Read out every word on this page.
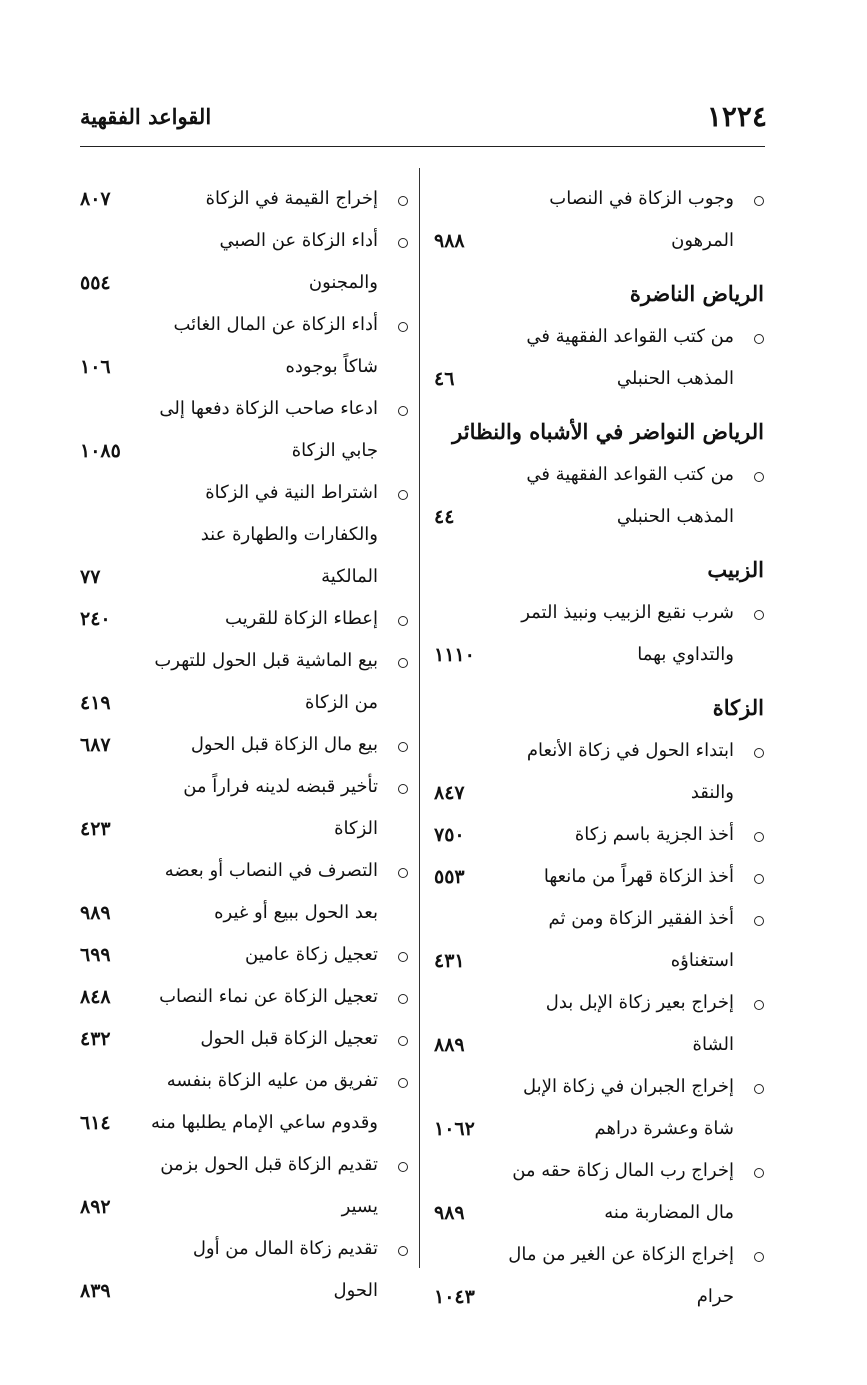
١٢٢٤
القواعد الفقهية
وجوب الزكاة في النصاب
المرهون
٩٨٨
الرياض الناضرة
من كتب القواعد الفقهية في
المذهب الحنبلي
٤٦
الرياض النواضر في الأشباه والنظائر
من كتب القواعد الفقهية في
المذهب الحنبلي
٤٤
الزبيب
شرب نقيع الزبيب ونبيذ التمر
والتداوي بهما
١١١٠
الزكاة
ابتداء الحول في زكاة الأنعام
والنقد
٨٤٧
أخذ الجزية باسم زكاة
٧٥٠
أخذ الزكاة قهراً من مانعها
٥٥٣
أخذ الفقير الزكاة ومن ثم
استغناؤه
٤٣١
إخراج بعير زكاة الإبل بدل
الشاة
٨٨٩
إخراج الجبران في زكاة الإبل
شاة وعشرة دراهم
١٠٦٢
إخراج رب المال زكاة حقه من
مال المضاربة منه
٩٨٩
إخراج الزكاة عن الغير من مال
حرام
١٠٤٣
إخراج القيمة في الزكاة
٨٠٧
أداء الزكاة عن الصبي
والمجنون
٥٥٤
أداء الزكاة عن المال الغائب
شاكاً بوجوده
١٠٦
ادعاء صاحب الزكاة دفعها إلى
جابي الزكاة
١٠٨٥
اشتراط النية في الزكاة
والكفارات والطهارة عند
المالكية
٧٧
إعطاء الزكاة للقريب
٢٤٠
بيع الماشية قبل الحول للتهرب
من الزكاة
٤١٩
بيع مال الزكاة قبل الحول
٦٨٧
تأخير قبضه لدينه فراراً من
الزكاة
٤٢٣
التصرف في النصاب أو بعضه
بعد الحول ببيع أو غيره
٩٨٩
تعجيل زكاة عامين
٦٩٩
تعجيل الزكاة عن نماء النصاب
٨٤٨
تعجيل الزكاة قبل الحول
٤٣٢
تفريق من عليه الزكاة بنفسه
وقدوم ساعي الإمام يطلبها منه
٦١٤
تقديم الزكاة قبل الحول بزمن
يسير
٨٩٢
تقديم زكاة المال من أول
الحول
٨٣٩
